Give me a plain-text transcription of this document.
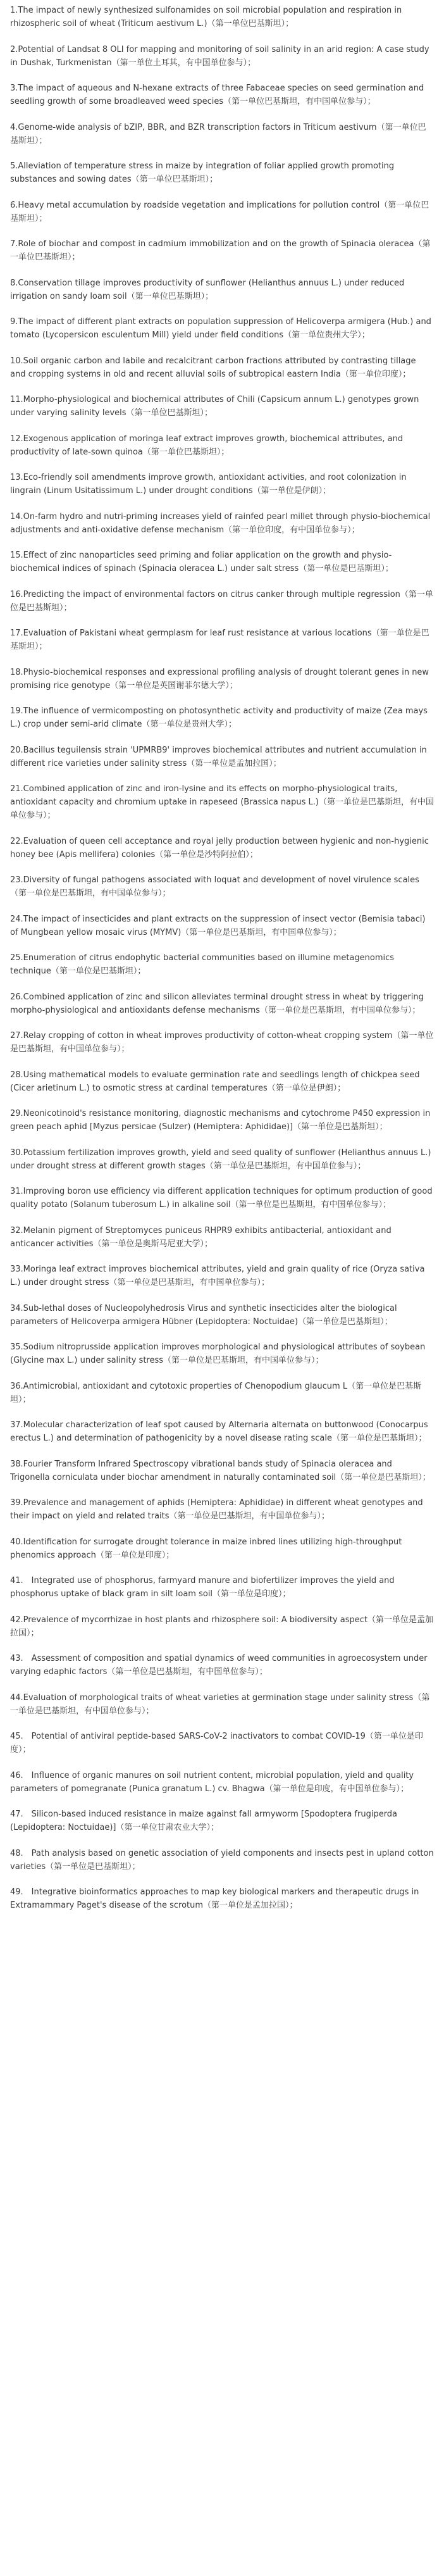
1.The impact of newly synthesized sulfonamides on soil microbial population and respiration in rhizospheric soil of wheat (Triticum aestivum L.)（第一单位巴基斯坦）；

2.Potential of Landsat 8 OLI for mapping and monitoring of soil salinity in an arid region: A case study in Dushak, Turkmenistan（第一单位土耳其，有中国单位参与）；

3.The impact of aqueous and N-hexane extracts of three Fabaceae species on seed germination and seedling growth of some broadleaved weed species（第一单位巴基斯坦，有中国单位参与）；

4.Genome-wide analysis of bZIP, BBR, and BZR transcription factors in Triticum aestivum（第一单位巴基斯坦）；

5.Alleviation of temperature stress in maize by integration of foliar applied growth promoting substances and sowing dates（第一单位巴基斯坦）；

6.Heavy metal accumulation by roadside vegetation and implications for pollution control（第一单位巴基斯坦）；

7.Role of biochar and compost in cadmium immobilization and on the growth of Spinacia oleracea（第一单位巴基斯坦）；

8.Conservation tillage improves productivity of sunflower (Helianthus annuus L.) under reduced irrigation on sandy loam soil（第一单位巴基斯坦）；

9.The impact of different plant extracts on population suppression of Helicoverpa armigera (Hub.) and tomato (Lycopersicon esculentum Mill) yield under field conditions（第一单位贵州大学）；

10.Soil organic carbon and labile and recalcitrant carbon fractions attributed by contrasting tillage and cropping systems in old and recent alluvial soils of subtropical eastern India（第一单位印度）；

11.Morpho-physiological and biochemical attributes of Chili (Capsicum annum L.) genotypes grown under varying salinity levels（第一单位巴基斯坦）；

12.Exogenous application of moringa leaf extract improves growth, biochemical attributes, and productivity of late-sown quinoa（第一单位巴基斯坦）；

13.Eco-friendly soil amendments improve growth, antioxidant activities, and root colonization in lingrain (Linum Usitatissimum L.) under drought conditions（第一单位是伊朗）；

14.On-farm hydro and nutri-priming increases yield of rainfed pearl millet through physio-biochemical adjustments and anti-oxidative defense mechanism（第一单位印度，有中国单位参与）；

15.Effect of zinc nanoparticles seed priming and foliar application on the growth and physio-biochemical indices of spinach (Spinacia oleracea L.) under salt stress（第一单位是巴基斯坦）；

16.Predicting the impact of environmental factors on citrus canker through multiple regression（第一单位是巴基斯坦）；

17.Evaluation of Pakistani wheat germplasm for leaf rust resistance at various locations（第一单位是巴基斯坦）；

18.Physio-biochemical responses and expressional profiling analysis of drought tolerant genes in new promising rice genotype（第一单位是英国谢菲尔德大学）；

19.The influence of vermicomposting on photosynthetic activity and productivity of maize (Zea mays L.) crop under semi-arid climate（第一单位是贵州大学）；

20.Bacillus teguilensis strain 'UPMRB9' improves biochemical attributes and nutrient accumulation in different rice varieties under salinity stress（第一单位是孟加拉国）；

21.Combined application of zinc and iron-lysine and its effects on morpho-physiological traits, antioxidant capacity and chromium uptake in rapeseed (Brassica napus L.)（第一单位是巴基斯坦，有中国单位参与）；

22.Evaluation of queen cell acceptance and royal jelly production between hygienic and non-hygienic honey bee (Apis mellifera) colonies（第一单位是沙特阿拉伯）；

23.Diversity of fungal pathogens associated with loquat and development of novel virulence scales（第一单位是巴基斯坦，有中国单位参与）；

24.The impact of insecticides and plant extracts on the suppression of insect vector (Bemisia tabaci) of Mungbean yellow mosaic virus (MYMV)（第一单位是巴基斯坦，有中国单位参与）；

25.Enumeration of citrus endophytic bacterial communities based on illumine metagenomics technique（第一单位是巴基斯坦）；

26.Combined application of zinc and silicon alleviates terminal drought stress in wheat by triggering morpho-physiological and antioxidants defense mechanisms（第一单位是巴基斯坦，有中国单位参与）；

27.Relay cropping of cotton in wheat improves productivity of cotton-wheat cropping system（第一单位是巴基斯坦，有中国单位参与）；

28.Using mathematical models to evaluate germination rate and seedlings length of chickpea seed (Cicer arietinum L.) to osmotic stress at cardinal temperatures（第一单位是伊朗）；

29.Neonicotinoid's resistance monitoring, diagnostic mechanisms and cytochrome P450 expression in green peach aphid [Myzus persicae (Sulzer) (Hemiptera: Aphididae)]（第一单位是巴基斯坦）；

30.Potassium fertilization improves growth, yield and seed quality of sunflower (Helianthus annuus L.) under drought stress at different growth stages（第一单位是巴基斯坦，有中国单位参与）；

31.Improving boron use efficiency via different application techniques for optimum production of good quality potato (Solanum tuberosum L.) in alkaline soil（第一单位是巴基斯坦，有中国单位参与）；

32.Melanin pigment of Streptomyces puniceus RHPR9 exhibits antibacterial, antioxidant and anticancer activities（第一单位是奥斯马尼亚大学）；

33.Moringa leaf extract improves biochemical attributes, yield and grain quality of rice (Oryza sativa L.) under drought stress（第一单位是巴基斯坦，有中国单位参与）；

34.Sub-lethal doses of Nucleopolyhedrosis Virus and synthetic insecticides alter the biological parameters of Helicoverpa armigera Hübner (Lepidoptera: Noctuidae)（第一单位是巴基斯坦）；

35.Sodium nitroprusside application improves morphological and physiological attributes of soybean (Glycine max L.) under salinity stress（第一单位是巴基斯坦，有中国单位参与）；

36.Antimicrobial, antioxidant and cytotoxic properties of Chenopodium glaucum L（第一单位是巴基斯坦）；

37.Molecular characterization of leaf spot caused by Alternaria alternata on buttonwood (Conocarpus erectus L.) and determination of pathogenicity by a novel disease rating scale（第一单位是巴基斯坦）；

38.Fourier Transform Infrared Spectroscopy vibrational bands study of Spinacia oleracea and Trigonella corniculata under biochar amendment in naturally contaminated soil（第一单位是巴基斯坦）；

39.Prevalence and management of aphids (Hemiptera: Aphididae) in different wheat genotypes and their impact on yield and related traits（第一单位是巴基斯坦，有中国单位参与）；

40.Identification for surrogate drought tolerance in maize inbred lines utilizing high-throughput phenomics approach（第一单位是印度）；

41.　Integrated use of phosphorus, farmyard manure and biofertilizer improves the yield and phosphorus uptake of black gram in silt loam soil（第一单位是印度）；

42.Prevalence of mycorrhizae in host plants and rhizosphere soil: A biodiversity aspect（第一单位是孟加拉国）；

43.　Assessment of composition and spatial dynamics of weed communities in agroecosystem under varying edaphic factors（第一单位是巴基斯坦，有中国单位参与）；

44.Evaluation of morphological traits of wheat varieties at germination stage under salinity stress（第一单位是巴基斯坦，有中国单位参与）；

45.　Potential of antiviral peptide-based SARS-CoV-2 inactivators to combat COVID-19（第一单位是印度）；

46.　Influence of organic manures on soil nutrient content, microbial population, yield and quality parameters of pomegranate (Punica granatum L.) cv. Bhagwa（第一单位是印度，有中国单位参与）；

47.　Silicon-based induced resistance in maize against fall armyworm [Spodoptera frugiperda (Lepidoptera: Noctuidae)]（第一单位甘肃农业大学）；

48.　Path analysis based on genetic association of yield components and insects pest in upland cotton varieties（第一单位是巴基斯坦）；

49.　Integrative bioinformatics approaches to map key biological markers and therapeutic drugs in Extramammary Paget's disease of the scrotum（第一单位是孟加拉国）；
